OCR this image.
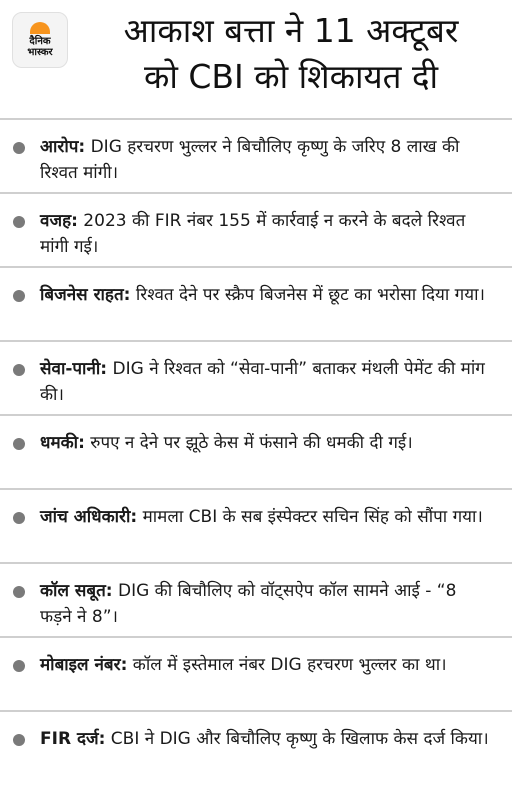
दैनिक
भास्कर
आकाश बत्ता ने 11 अक्टूबर
को CBI को शिकायत दी
आरोप: DIG हरचरण भुल्लर ने बिचौलिए कृष्णु के जरिए 8 लाख की रिश्वत मांगी।
वजह: 2023 की FIR नंबर 155 में कार्रवाई न करने के बदले रिश्वत मांगी गई।
बिजनेस राहत: रिश्वत देने पर स्क्रैप बिजनेस में छूट का भरोसा दिया गया।
सेवा-पानी: DIG ने रिश्वत को “सेवा-पानी” बताकर मंथली पेमेंट की मांग की।
धमकी: रुपए न देने पर झूठे केस में फंसाने की धमकी दी गई।
जांच अधिकारी: मामला CBI के सब इंस्पेक्टर सचिन सिंह को सौंपा गया।
कॉल सबूत: DIG की बिचौलिए को वॉट्सऐप कॉल सामने आई - “8 फड़ने ने 8”।
मोबाइल नंबर: कॉल में इस्तेमाल नंबर DIG हरचरण भुल्लर का था।
FIR दर्ज: CBI ने DIG और बिचौलिए कृष्णु के खिलाफ केस दर्ज किया।
